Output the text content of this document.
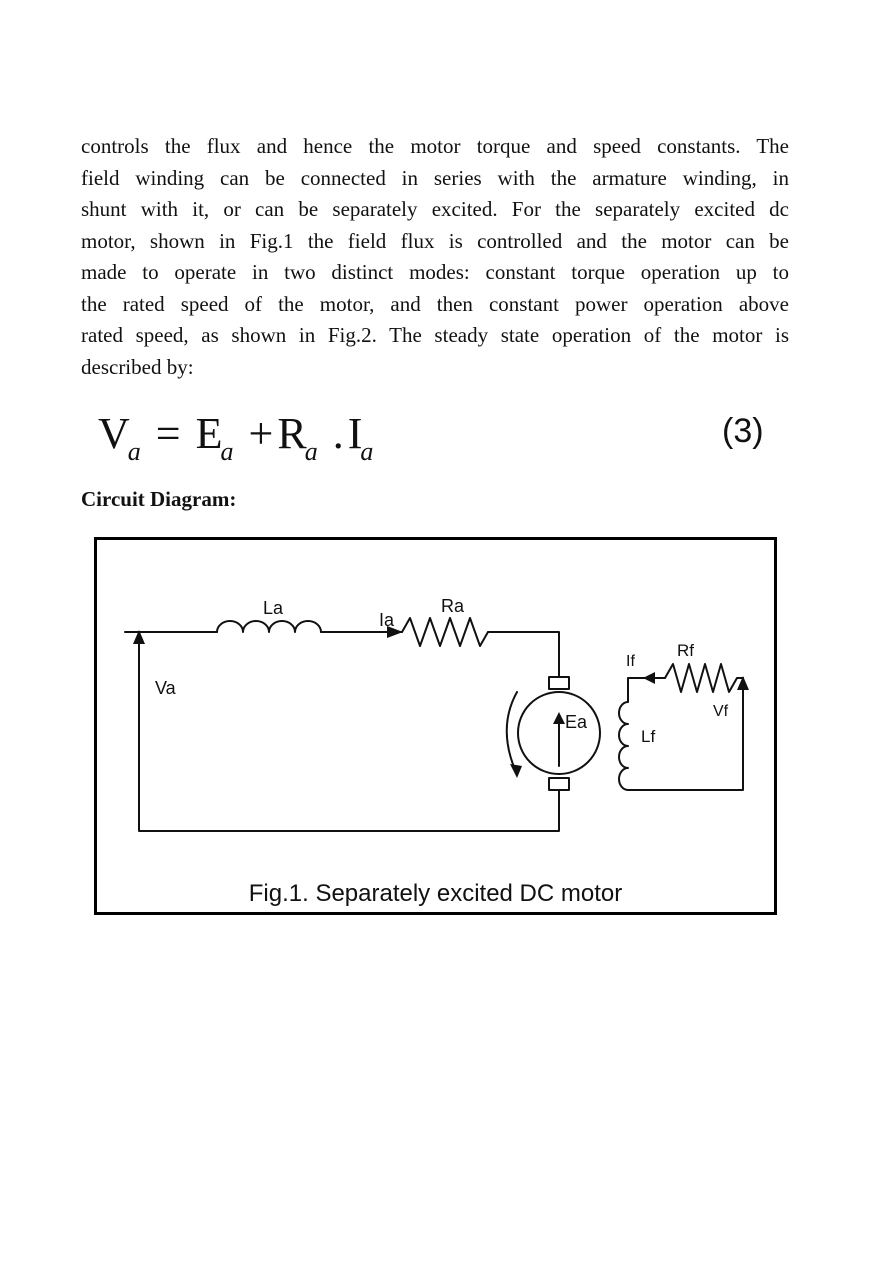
controls the flux and hence the motor torque and speed constants. The
field winding can be connected in series with the armature winding, in
shunt with it, or can be separately excited. For the separately excited dc
motor, shown in Fig.1 the field flux is controlled and the motor can be
made to operate in two distinct modes: constant torque operation up to
the rated speed of the motor, and then constant power operation above
rated speed, as shown in Fig.2. The steady state operation of the motor is
described by:
$V_a = E_a +R_a$ $.I_a$
(3)
Circuit Diagram:
La
Ia
Ra
Va
Ea
If
Rf
Lf
Vf
Fig.1. Separately excited DC motor
